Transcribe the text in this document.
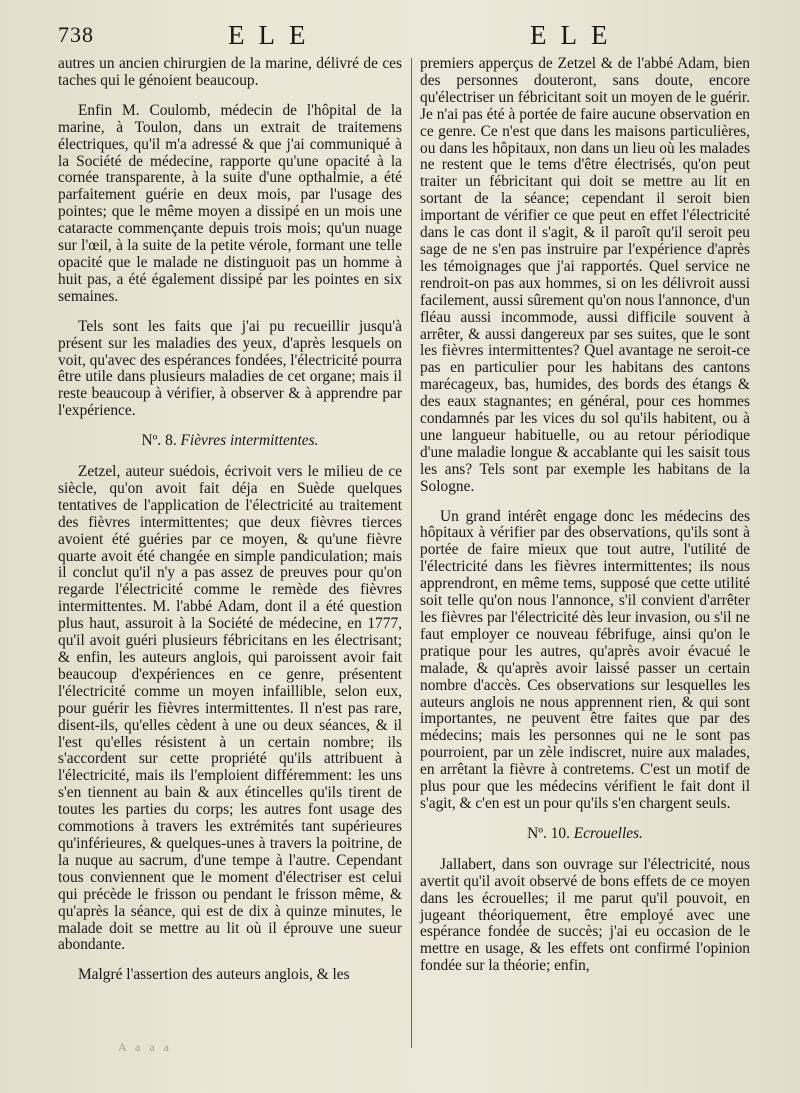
738	ELE	ELE

autres un ancien chirurgien de la marine, délivré de ces taches qui le génoient beaucoup.

Enfin M. Coulomb, médecin de l'hôpital de la marine, à Toulon, dans un extrait de traitemens électriques, qu'il m'a adressé & que j'ai communiqué à la Société de médecine, rapporte qu'une opacité à la cornée transparente, à la suite d'une opthalmie, a été parfaitement guérie en deux mois, par l'usage des pointes; que le même moyen a dissipé en un mois une cataracte commençante depuis trois mois; qu'un nuage sur l'œil, à la suite de la petite vérole, formant une telle opacité que le malade ne distinguoit pas un homme à huit pas, a été également dissipé par les pointes en six semaines.

Tels sont les faits que j'ai pu recueillir jusqu'à présent sur les maladies des yeux, d'après lesquels on voit, qu'avec des espérances fondées, l'électricité pourra être utile dans plusieurs maladies de cet organe; mais il reste beaucoup à vérifier, à observer & à apprendre par l'expérience.

Nº. 8. Fièvres intermittentes.

Zetzel, auteur suédois, écrivoit vers le milieu de ce siècle, qu'on avoit fait déja en Suède quelques tentatives de l'application de l'électricité au traitement des fièvres intermittentes; que deux fièvres tierces avoient été guéries par ce moyen, & qu'une fièvre quarte avoit été changée en simple pandiculation; mais il conclut qu'il n'y a pas assez de preuves pour qu'on regarde l'électricité comme le remède des fièvres intermittentes. M. l'abbé Adam, dont il a été question plus haut, assuroit à la Société de médecine, en 1777, qu'il avoit guéri plusieurs fébricitans en les électrisant; & enfin, les auteurs anglois, qui paroissent avoir fait beaucoup d'expériences en ce genre, présentent l'électricité comme un moyen infaillible, selon eux, pour guérir les fièvres intermittentes. Il n'est pas rare, disent-ils, qu'elles cèdent à une ou deux séances, & il l'est qu'elles résistent à un certain nombre; ils s'accordent sur cette propriété qu'ils attribuent à l'électricité, mais ils l'emploient différemment: les uns s'en tiennent au bain & aux étincelles qu'ils tirent de toutes les parties du corps; les autres font usage des commotions à travers les extrémités tant supérieures qu'inférieures, & quelques-unes à travers la poitrine, de la nuque au sacrum, d'une tempe à l'autre. Cependant tous conviennent que le moment d'électriser est celui qui précède le frisson ou pendant le frisson même, & qu'après la séance, qui est de dix à quinze minutes, le malade doit se mettre au lit où il éprouve une sueur abondante.

Malgré l'assertion des auteurs anglois, & les

premiers apperçus de Zetzel & de l'abbé Adam, bien des personnes douteront, sans doute, encore qu'électriser un fébricitant soit un moyen de le guérir. Je n'ai pas été à portée de faire aucune observation en ce genre. Ce n'est que dans les maisons particulières, ou dans les hôpitaux, non dans un lieu où les malades ne restent que le tems d'être électrisés, qu'on peut traiter un fébricitant qui doit se mettre au lit en sortant de la séance; cependant il seroit bien important de vérifier ce que peut en effet l'électricité dans le cas dont il s'agit, & il paroît qu'il seroit peu sage de ne s'en pas instruire par l'expérience d'après les témoignages que j'ai rapportés. Quel service ne rendroit-on pas aux hommes, si on les délivroit aussi facilement, aussi sûrement qu'on nous l'annonce, d'un fléau aussi incommode, aussi difficile souvent à arrêter, & aussi dangereux par ses suites, que le sont les fièvres intermittentes? Quel avantage ne seroit-ce pas en particulier pour les habitans des cantons marécageux, bas, humides, des bords des étangs & des eaux stagnantes; en général, pour ces hommes condamnés par les vices du sol qu'ils habitent, ou à une langueur habituelle, ou au retour périodique d'une maladie longue & accablante qui les saisit tous les ans? Tels sont par exemple les habitans de la Sologne.

Un grand intérêt engage donc les médecins des hôpitaux à vérifier par des observations, qu'ils sont à portée de faire mieux que tout autre, l'utilité de l'électricité dans les fièvres intermittentes; ils nous apprendront, en même tems, supposé que cette utilité soit telle qu'on nous l'annonce, s'il convient d'arrêter les fièvres par l'électricité dès leur invasion, ou s'il ne faut employer ce nouveau fébrifuge, ainsi qu'on le pratique pour les autres, qu'après avoir évacué le malade, & qu'après avoir laissé passer un certain nombre d'accès. Ces observations sur lesquelles les auteurs anglois ne nous apprennent rien, & qui sont importantes, ne peuvent être faites que par des médecins; mais les personnes qui ne le sont pas pourroient, par un zèle indiscret, nuire aux malades, en arrêtant la fièvre à contretems. C'est un motif de plus pour que les médecins vérifient le fait dont il s'agit, & c'en est un pour qu'ils s'en chargent seuls.

Nº. 10. Ecrouelles.

Jallabert, dans son ouvrage sur l'électricité, nous avertit qu'il avoit observé de bons effets de ce moyen dans les écrouelles; il me parut qu'il pouvoit, en jugeant théoriquement, être employé avec une espérance fondée de succès; j'ai eu occasion de le mettre en usage, & les effets ont confirmé l'opinion fondée sur la théorie; enfin,

A a a a
